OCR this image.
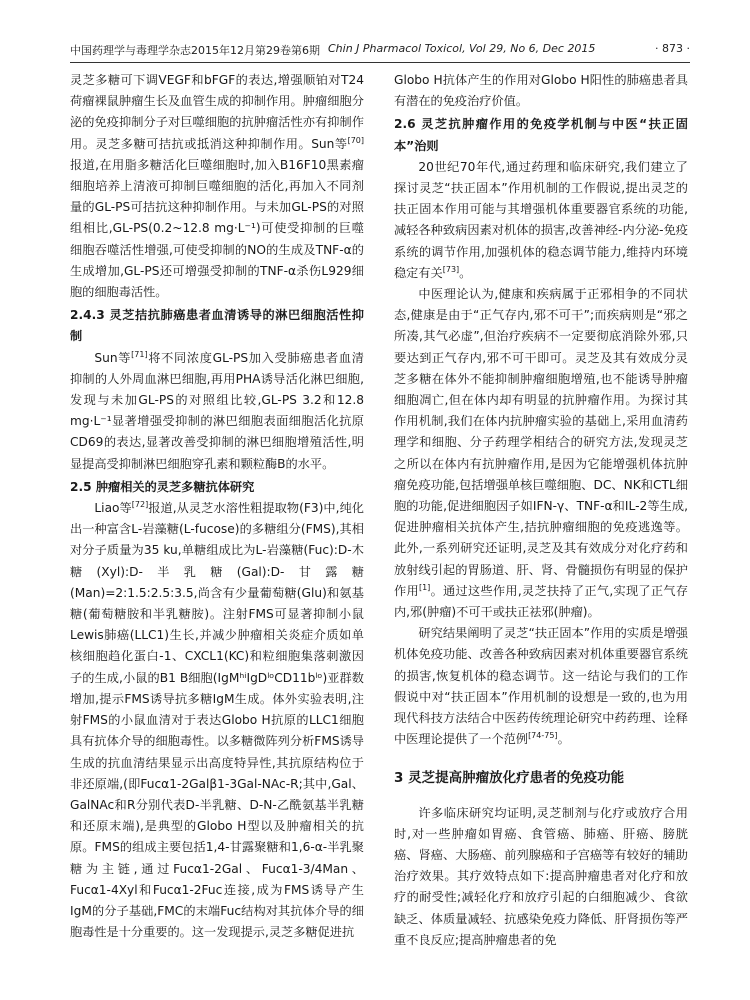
中国药理学与毒理学杂志2015年12月第29卷第6期 Chin J Pharmacol Toxicol, Vol 29, No 6, Dec 2015	· 873 ·

灵芝多糖可下调VEGF和bFGF的表达,增强顺铂对T24荷瘤裸鼠肿瘤生长及血管生成的抑制作用。肿瘤细胞分泌的免疫抑制分子对巨噬细胞的抗肿瘤活性亦有抑制作用。灵芝多糖可拮抗或抵消这种抑制作用。Sun等[70]报道,在用脂多糖活化巨噬细胞时,加入B16F10黑素瘤细胞培养上清液可抑制巨噬细胞的活化,再加入不同剂量的GL-PS可拮抗这种抑制作用。与未加GL-PS的对照组相比,GL-PS(0.2~12.8 mg·L⁻¹)可使受抑制的巨噬细胞吞噬活性增强,可使受抑制的NO的生成及TNF-α的生成增加,GL-PS还可增强受抑制的TNF-α杀伤L929细胞的细胞毒活性。

2.4.3 灵芝拮抗肺癌患者血清诱导的淋巴细胞活性抑制

Sun等[71]将不同浓度GL-PS加入受肺癌患者血清抑制的人外周血淋巴细胞,再用PHA诱导活化淋巴细胞,发现与未加GL-PS的对照组比较,GL-PS 3.2和12.8 mg·L⁻¹显著增强受抑制的淋巴细胞表面细胞活化抗原CD69的表达,显著改善受抑制的淋巴细胞增殖活性,明显提高受抑制淋巴细胞穿孔素和颗粒酶B的水平。

2.5 肿瘤相关的灵芝多糖抗体研究

Liao等[72]报道,从灵芝水溶性粗提取物(F3)中,纯化出一种富含L-岩藻糖(L-fucose)的多糖组分(FMS),其相对分子质量为35 ku,单糖组成比为L-岩藻糖(Fuc):D-木糖(Xyl):D-半乳糖(Gal):D-甘露糖(Man)=2:1.5:2.5:3.5,尚含有少量葡萄糖(Glu)和氨基糖(葡萄糖胺和半乳糖胺)。注射FMS可显著抑制小鼠Lewis肺癌(LLC1)生长,并减少肿瘤相关炎症介质如单核细胞趋化蛋白-1、CXCL1(KC)和粒细胞集落刺激因子的生成,小鼠的B1 B细胞(IgMʰⁱIgDˡᵒCD11bˡᵒ)亚群数增加,提示FMS诱导抗多糖IgM生成。体外实验表明,注射FMS的小鼠血清对于表达Globo H抗原的LLC1细胞具有抗体介导的细胞毒性。以多糖微阵列分析FMS诱导生成的抗血清结果显示出高度特异性,其抗原结构位于非还原端,(即Fucα1-2Galβ1-3Gal-NAc-R;其中,Gal、GalNAc和R分别代表D-半乳糖、D-N-乙酰氨基半乳糖和还原末端),是典型的Globo H型以及肿瘤相关的抗原。FMS的组成主要包括1,4-甘露聚糖和1,6-α-半乳聚糖为主链,通过Fucα1-2Gal、Fucα1-3/4Man、Fucα1-4Xyl和Fucα1-2Fuc连接,成为FMS诱导产生IgM的分子基础,FMC的末端Fuc结构对其抗体介导的细胞毒性是十分重要的。这一发现提示,灵芝多糖促进抗

Globo H抗体产生的作用对Globo H阳性的肺癌患者具有潜在的免疫治疗价值。

2.6 灵芝抗肿瘤作用的免疫学机制与中医“扶正固本”治则

20世纪70年代,通过药理和临床研究,我们建立了探讨灵芝“扶正固本”作用机制的工作假说,提出灵芝的扶正固本作用可能与其增强机体重要器官系统的功能,减轻各种致病因素对机体的损害,改善神经-内分泌-免疫系统的调节作用,加强机体的稳态调节能力,维持内环境稳定有关[73]。

中医理论认为,健康和疾病属于正邪相争的不同状态,健康是由于“正气存内,邪不可干”;而疾病则是“邪之所凑,其气必虚”,但治疗疾病不一定要彻底消除外邪,只要达到正气存内,邪不可干即可。灵芝及其有效成分灵芝多糖在体外不能抑制肿瘤细胞增殖,也不能诱导肿瘤细胞凋亡,但在体内却有明显的抗肿瘤作用。为探讨其作用机制,我们在体内抗肿瘤实验的基础上,采用血清药理学和细胞、分子药理学相结合的研究方法,发现灵芝之所以在体内有抗肿瘤作用,是因为它能增强机体抗肿瘤免疫功能,包括增强单核巨噬细胞、DC、NK和CTL细胞的功能,促进细胞因子如IFN-γ、TNF-α和IL-2等生成,促进肿瘤相关抗体产生,拮抗肿瘤细胞的免疫逃逸等。此外,一系列研究还证明,灵芝及其有效成分对化疗药和放射线引起的胃肠道、肝、肾、骨髓损伤有明显的保护作用[1]。通过这些作用,灵芝扶持了正气,实现了正气存内,邪(肿瘤)不可干或扶正祛邪(肿瘤)。

研究结果阐明了灵芝“扶正固本”作用的实质是增强机体免疫功能、改善各种致病因素对机体重要器官系统的损害,恢复机体的稳态调节。这一结论与我们的工作假说中对“扶正固本”作用机制的设想是一致的,也为用现代科技方法结合中医药传统理论研究中药药理、诠释中医理论提供了一个范例[74-75]。

3 灵芝提高肿瘤放化疗患者的免疫功能

许多临床研究均证明,灵芝制剂与化疗或放疗合用时,对一些肿瘤如胃癌、食管癌、肺癌、肝癌、膀胱癌、肾癌、大肠癌、前列腺癌和子宫癌等有较好的辅助治疗效果。其疗效特点如下:提高肿瘤患者对化疗和放疗的耐受性;减轻化疗和放疗引起的白细胞减少、食欲缺乏、体质量减轻、抗感染免疫力降低、肝肾损伤等严重不良反应;提高肿瘤患者的免
